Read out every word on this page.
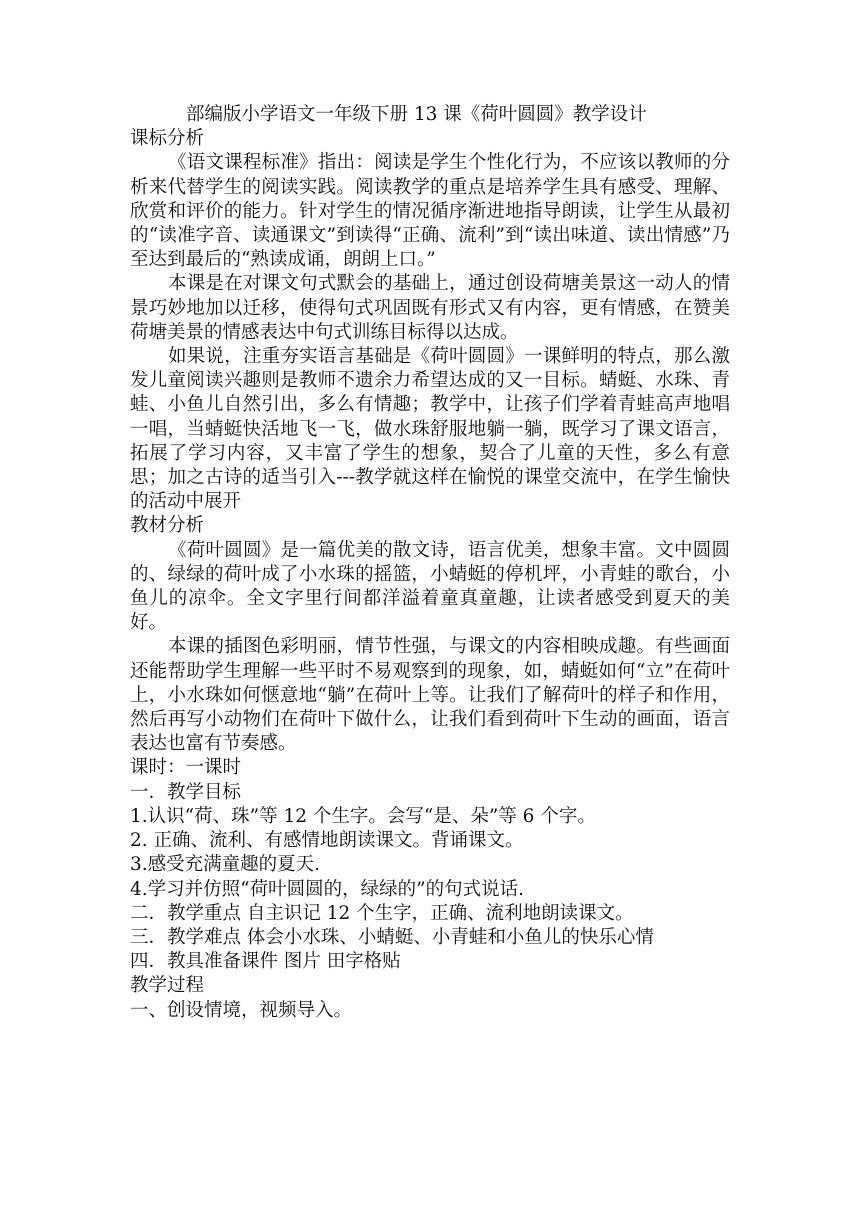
部编版小学语文一年级下册 13 课《荷叶圆圆》教学设计
课标分析

《语文课程标准》指出：阅读是学生个性化行为，不应该以教师的分析来代替学生的阅读实践。阅读教学的重点是培养学生具有感受、理解、欣赏和评价的能力。针对学生的情况循序渐进地指导朗读，让学生从最初的“读准字音、读通课文”到读得“正确、流利”到“读出味道、读出情感”乃至达到最后的“熟读成诵，朗朗上口。”

本课是在对课文句式默会的基础上，通过创设荷塘美景这一动人的情景巧妙地加以迁移，使得句式巩固既有形式又有内容，更有情感，在赞美荷塘美景的情感表达中句式训练目标得以达成。

如果说，注重夯实语言基础是《荷叶圆圆》一课鲜明的特点，那么激发儿童阅读兴趣则是教师不遗余力希望达成的又一目标。蜻蜓、水珠、青蛙、小鱼儿自然引出，多么有情趣；教学中，让孩子们学着青蛙高声地唱一唱，当蜻蜓快活地飞一飞，做水珠舒服地躺一躺，既学习了课文语言，拓展了学习内容，又丰富了学生的想象，契合了儿童的天性，多么有意思；加之古诗的适当引入---教学就这样在愉悦的课堂交流中，在学生愉快的活动中展开

教材分析

《荷叶圆圆》是一篇优美的散文诗，语言优美，想象丰富。文中圆圆的、绿绿的荷叶成了小水珠的摇篮，小蜻蜓的停机坪，小青蛙的歌台，小鱼儿的凉伞。全文字里行间都洋溢着童真童趣，让读者感受到夏天的美好。

本课的插图色彩明丽，情节性强，与课文的内容相映成趣。有些画面还能帮助学生理解一些平时不易观察到的现象，如，蜻蜓如何“立”在荷叶上，小水珠如何惬意地“躺”在荷叶上等。让我们了解荷叶的样子和作用，然后再写小动物们在荷叶下做什么，让我们看到荷叶下生动的画面，语言表达也富有节奏感。

课时：一课时
一．教学目标
1.认识“荷、珠”等 12 个生字。会写“是、朵”等 6 个字。
2. 正确、流利、有感情地朗读课文。背诵课文。
3.感受充满童趣的夏天.
4.学习并仿照“荷叶圆圆的，绿绿的”的句式说话.
二．教学重点 自主识记 12 个生字，正确、流利地朗读课文。
三．教学难点 体会小水珠、小蜻蜓、小青蛙和小鱼儿的快乐心情
四．教具准备课件 图片 田字格贴
教学过程
一、创设情境，视频导入。
